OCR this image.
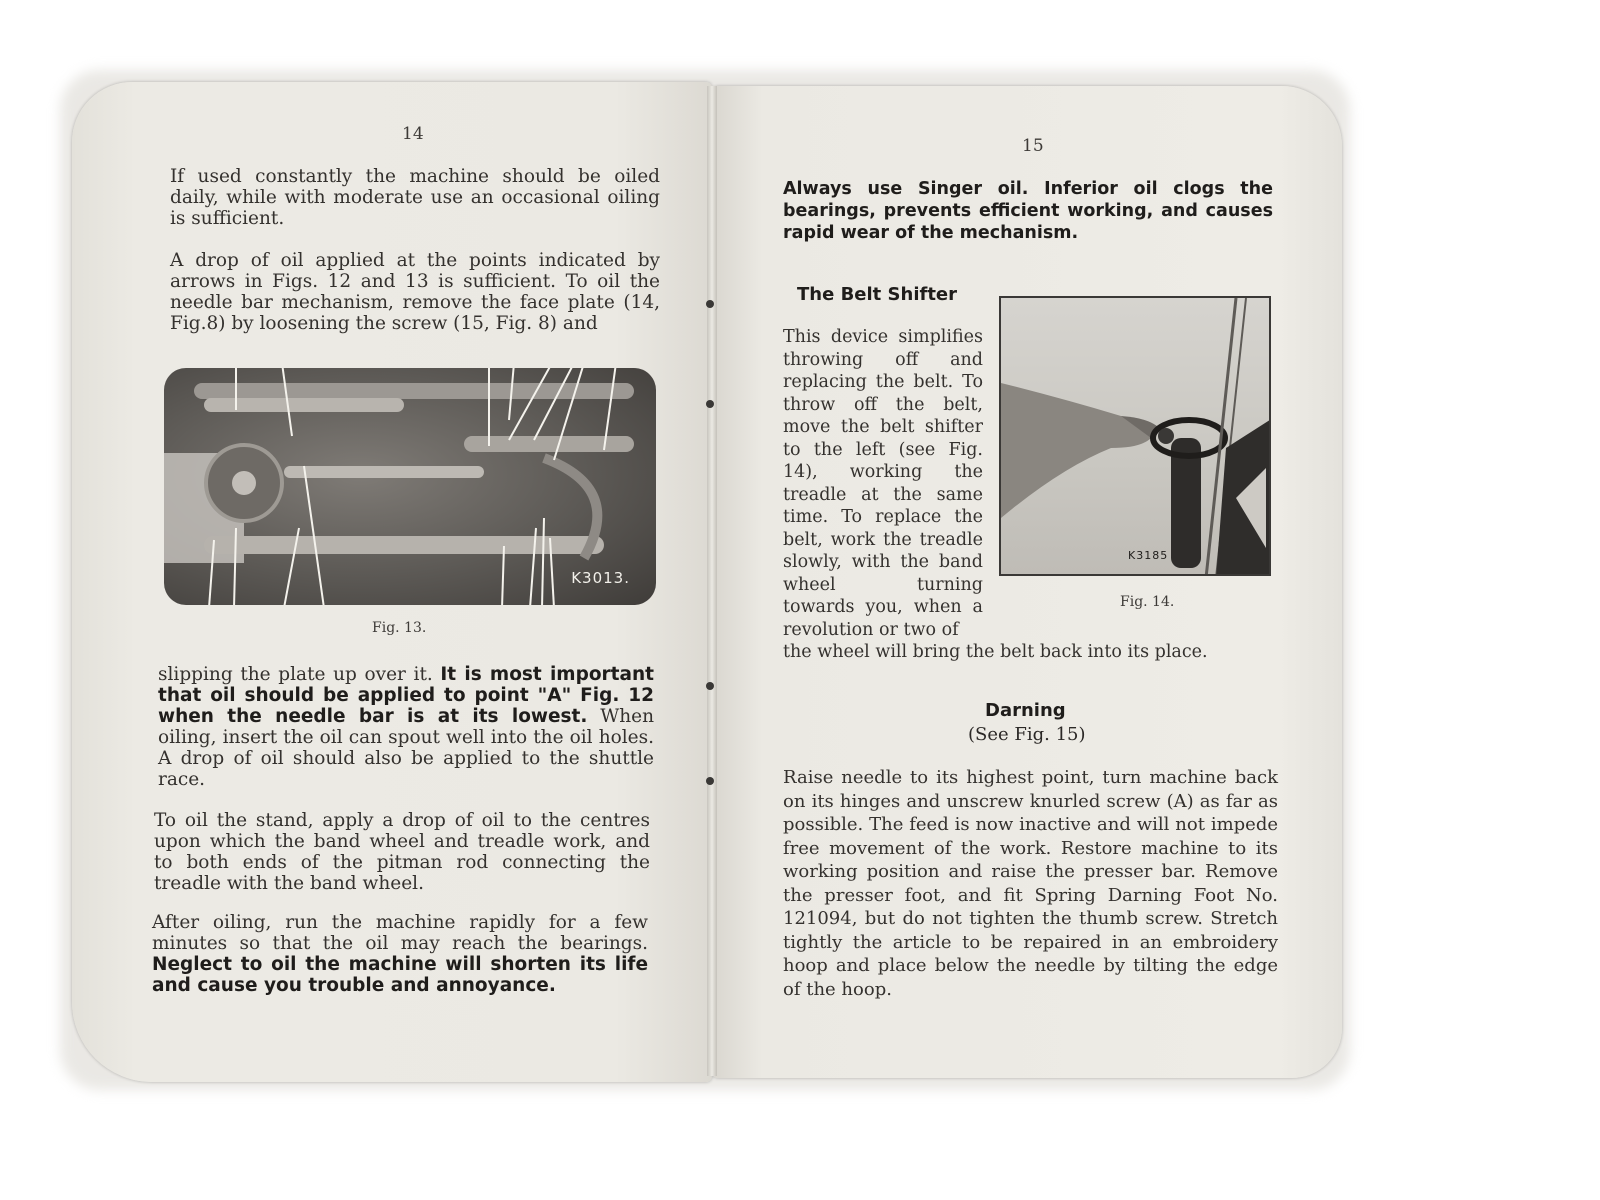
14
If used constantly the machine should be oiled daily, while with moderate use an occasional oiling is sufficient.
A drop of oil applied at the points indicated by arrows in Figs. 12 and 13 is sufficient. To oil the needle bar mechanism, remove the face plate (14, Fig.8) by loosening the screw (15, Fig. 8) and
K3013.
Fig. 13.
slipping the plate up over it. It is most important that oil should be applied to point "A" Fig. 12 when the needle bar is at its lowest. When oiling, insert the oil can spout well into the oil holes. A drop of oil should also be applied to the shuttle race.
To oil the stand, apply a drop of oil to the centres upon which the band wheel and treadle work, and to both ends of the pitman rod connecting the treadle with the band wheel.
After oiling, run the machine rapidly for a few minutes so that the oil may reach the bearings. Neglect to oil the machine will shorten its life and cause you trouble and annoyance.
15
Always use Singer oil. Inferior oil clogs the bearings, prevents efficient working, and causes rapid wear of the mechanism.
The Belt Shifter
This device simplifies throwing off and replacing the belt. To throw off the belt, move the belt shifter to the left (see Fig. 14), working the treadle at the same time. To replace the belt, work the treadle slowly, with the band wheel turning towards you, when a revolution or two of
the wheel will bring the belt back into its place.
K3185
Fig. 14.
Darning
(See Fig. 15)
Raise needle to its highest point, turn machine back on its hinges and unscrew knurled screw (A) as far as possible. The feed is now inactive and will not impede free movement of the work. Restore machine to its working position and raise the presser bar. Remove the presser foot, and fit Spring Darning Foot No. 121094, but do not tighten the thumb screw. Stretch tightly the article to be repaired in an embroidery hoop and place below the needle by tilting the edge of the hoop.
